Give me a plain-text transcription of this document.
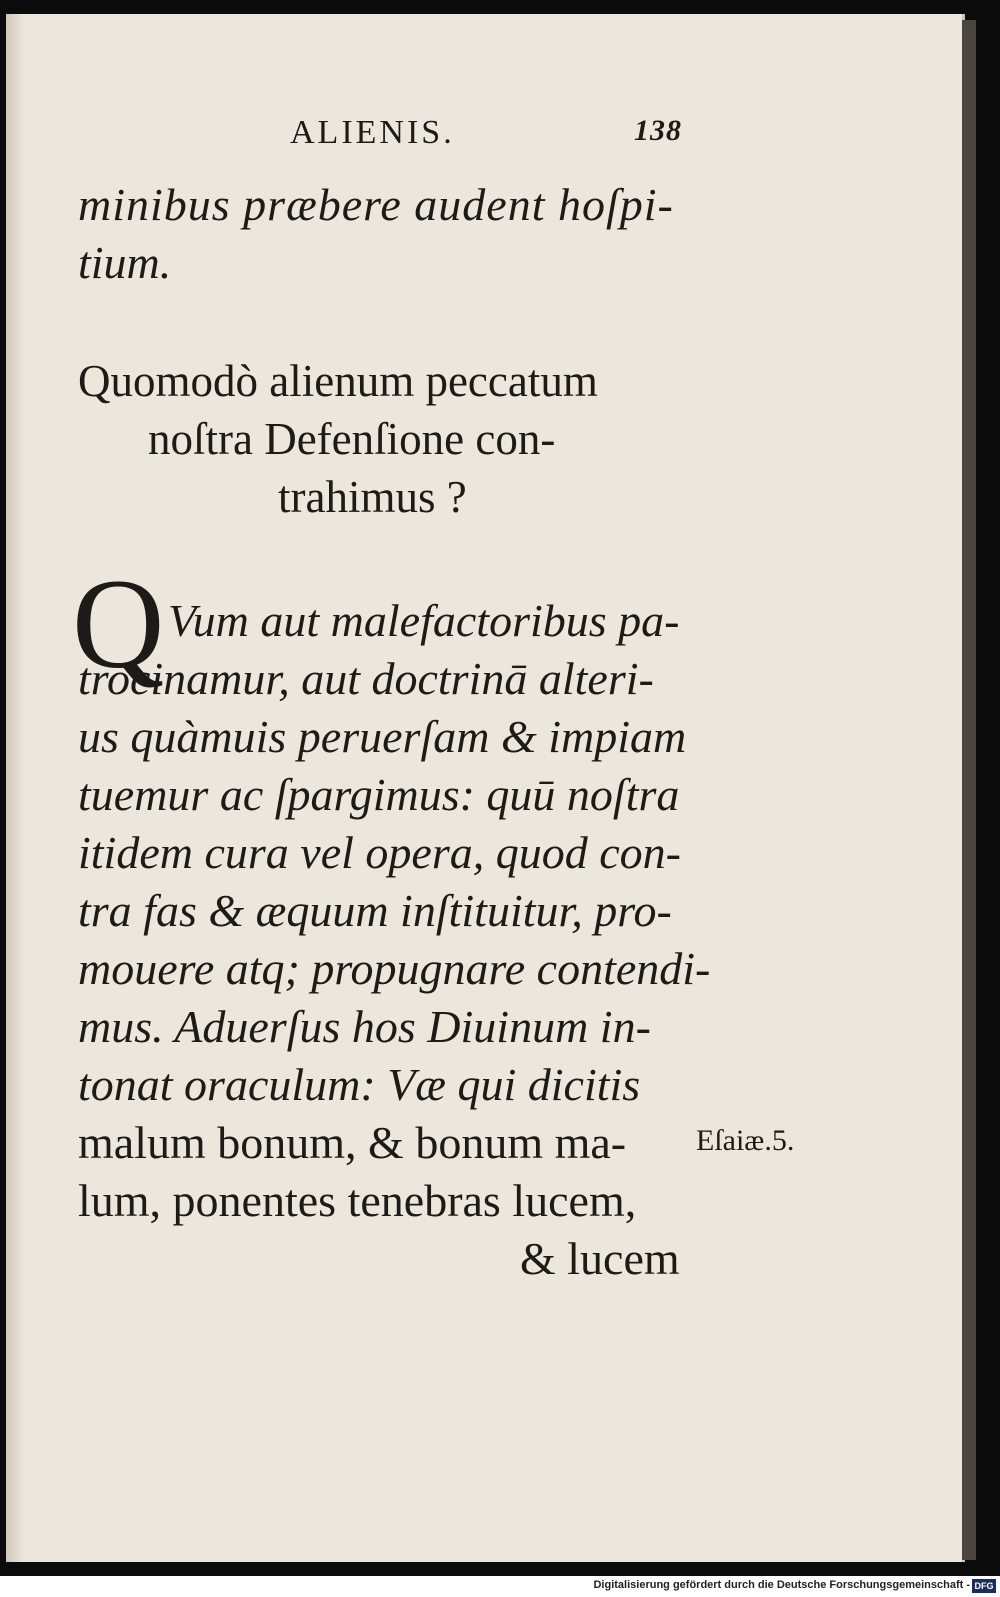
ALIENIS.	138

minibus præbere audent hoſpi-

tium.

Quomodò alienum peccatum

noſtra Defenſione con-

trahimus ?

Q Vum aut malefactoribus pa-

trocinamur, aut doctrinā alteri-

us quàmuis peruerſam & impiam

tuemur ac ſpargimus: quū noſtra

itidem cura vel opera, quod con-

tra fas & æquum inſtituitur, pro-

mouere atq; propugnare contendi-

mus. Aduerſus hos Diuinum in-

tonat oraculum: Væ qui dicitis

malum bonum, & bonum ma-

lum, ponentes tenebras lucem,

& lucem

Eſaiæ.5.

Digitalisierung gefördert durch die Deutsche Forschungsgemeinschaft - DFG
